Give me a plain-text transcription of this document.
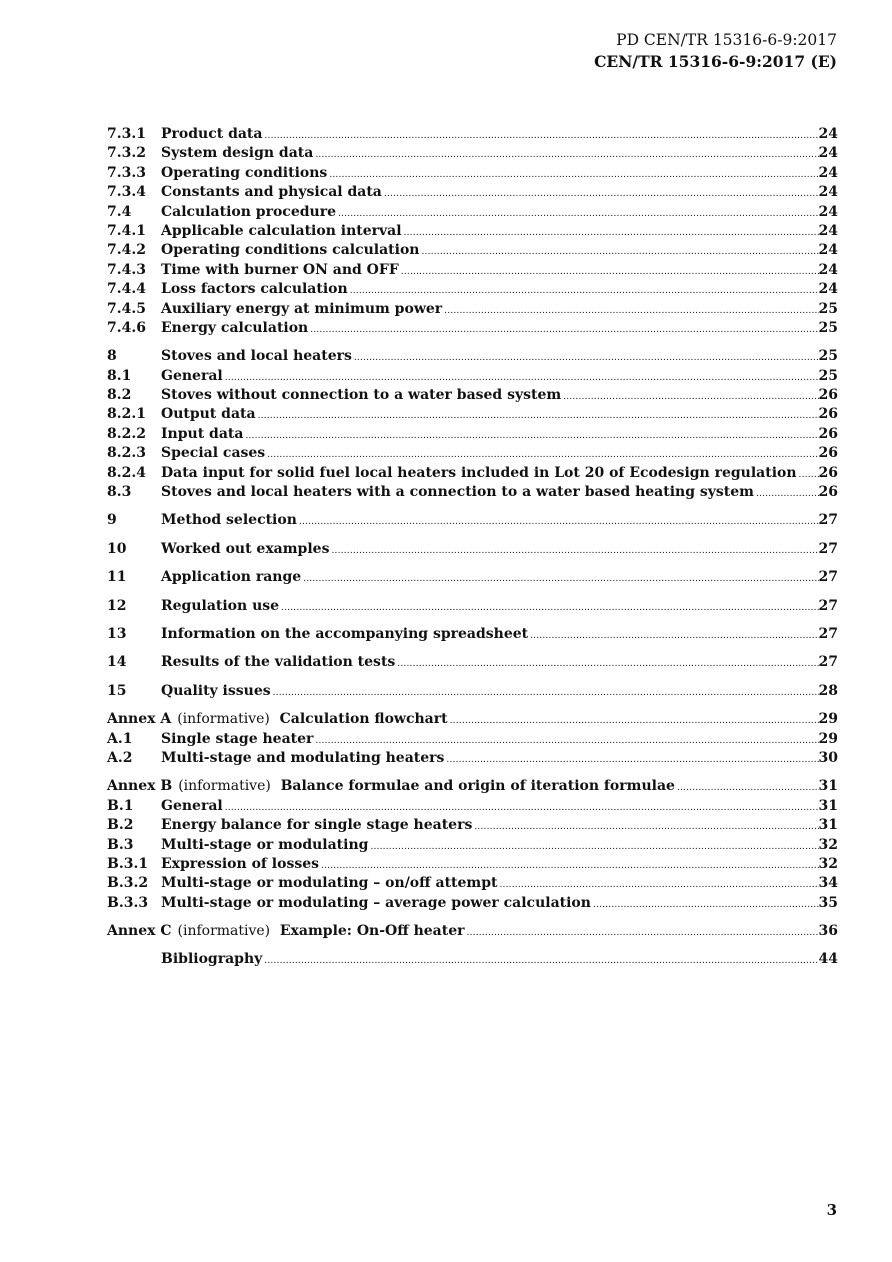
PD CEN/TR 15316-6-9:2017
CEN/TR 15316-6-9:2017 (E)
7.3.1	Product data .....	24
7.3.2	System design data .....	24
7.3.3	Operating conditions .....	24
7.3.4	Constants and physical data .....	24
7.4	Calculation procedure .....	24
7.4.1	Applicable calculation interval .....	24
7.4.2	Operating conditions calculation .....	24
7.4.3	Time with burner ON and OFF .....	24
7.4.4	Loss factors calculation .....	24
7.4.5	Auxiliary energy at minimum power .....	25
7.4.6	Energy calculation .....	25
8	Stoves and local heaters .....	25
8.1	General .....	25
8.2	Stoves without connection to a water based system .....	26
8.2.1	Output data .....	26
8.2.2	Input data .....	26
8.2.3	Special cases .....	26
8.2.4	Data input for solid fuel local heaters included in Lot 20 of Ecodesign regulation ..... 26
8.3	Stoves and local heaters with a connection to a water based heating system .....	26
9	Method selection .....	27
10	Worked out examples .....	27
11	Application range .....	27
12	Regulation use .....	27
13	Information on the accompanying spreadsheet .....	27
14	Results of the validation tests .....	27
15	Quality issues .....	28
Annex A (informative) Calculation flowchart .....	29
A.1	Single stage heater .....	29
A.2	Multi-stage and modulating heaters .....	30
Annex B (informative) Balance formulae and origin of iteration formulae .....	31
B.1	General .....	31
B.2	Energy balance for single stage heaters .....	31
B.3	Multi-stage or modulating .....	32
B.3.1 Expression of losses .....	32
B.3.2 Multi-stage or modulating – on/off attempt .....	34
B.3.3 Multi-stage or modulating – average power calculation .....	35
Annex C (informative) Example: On-Off heater .....	36
Bibliography .....	44
3
